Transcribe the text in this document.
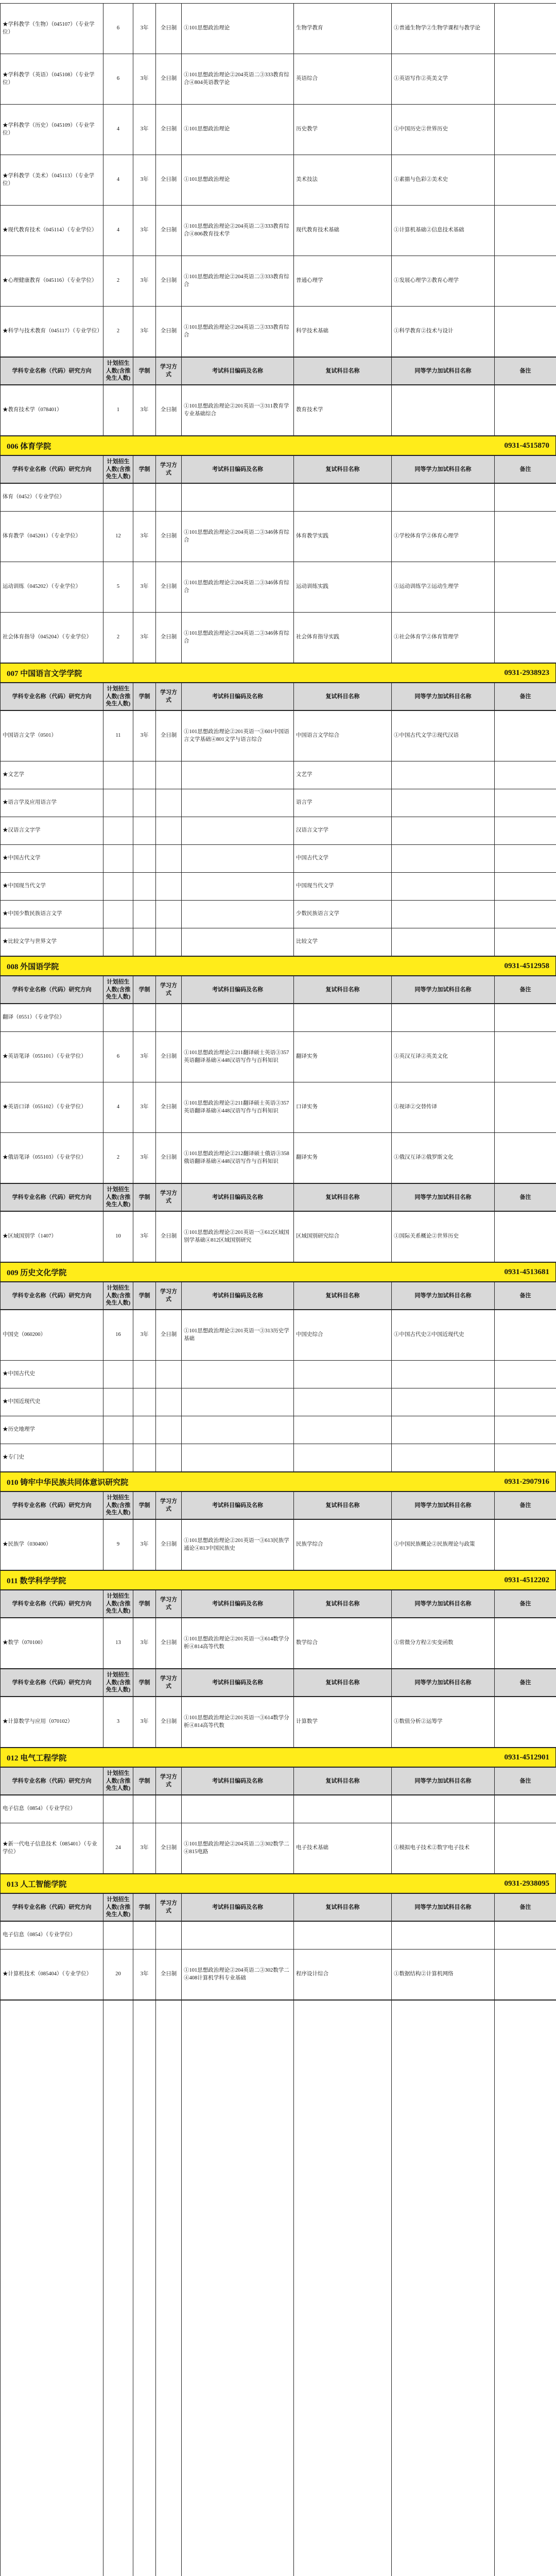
★学科教学（生物）（045107）（专业学位）	6	3年	全日制	①101思想政治理论	生物学教育	①普通生物学②生物学课程与教学论	
★学科教学（英语）（045108）（专业学位）	6	3年	全日制	①101思想政治理论②204英语二③333教育综合④804英语教学论	英语综合	①英语写作②英美文学	
★学科教学（历史）（045109）（专业学位）	4	3年	全日制	①101思想政治理论	历史教学	①中国历史②世界历史	
★学科教学（美术）（045113）（专业学位）	4	3年	全日制	①101思想政治理论	美术技法	①素描与色彩②美术史	
★现代教育技术（045114）（专业学位）	4	3年	全日制	①101思想政治理论②204英语二③333教育综合④806教育技术学	现代教育技术基础	①计算机基础②信息技术基础	
★心理健康教育（045116）（专业学位）	2	3年	全日制	①101思想政治理论②204英语二③333教育综合	普通心理学	①发展心理学②教育心理学	
★科学与技术教育（045117）（专业学位）	2	3年	全日制	①101思想政治理论②204英语二③333教育综合	科学技术基础	①科学教育②技术与设计	
学科专业名称（代码）研究方向	计划招生人数(含推免生人数)	学制	学习方式	考试科目编码及名称	复试科目名称	同等学力加试科目名称	备注
★教育技术学（078401）	1	3年	全日制	①101思想政治理论②201英语一③311教育学专业基础综合	教育技术学		
006 体育学院	0931-4515870
学科专业名称（代码）研究方向	计划招生人数(含推免生人数)	学制	学习方式	考试科目编码及名称	复试科目名称	同等学力加试科目名称	备注
体育（0452）（专业学位）							
体育教学（045201）（专业学位）	12	3年	全日制	①101思想政治理论②204英语二③346体育综合	体育教学实践	①学校体育学②体育心理学	
运动训练（045202）（专业学位）	5	3年	全日制	①101思想政治理论②204英语二③346体育综合	运动训练实践	①运动训练学②运动生理学	
社会体育指导（045204）（专业学位）	2	3年	全日制	①101思想政治理论②204英语二③346体育综合	社会体育指导实践	①社会体育学②体育管理学	
007 中国语言文学学院	0931-2938923
学科专业名称（代码）研究方向	计划招生人数(含推免生人数)	学制	学习方式	考试科目编码及名称	复试科目名称	同等学力加试科目名称	备注
中国语言文学（0501）	11	3年	全日制	①101思想政治理论②201英语一③601中国语言文学基础④801文学与语言综合	中国语言文学综合	①中国古代文学②现代汉语	
★文艺学					文艺学		
★语言学及应用语言学					语言学		
★汉语言文字学					汉语言文字学		
★中国古代文学					中国古代文学		
★中国现当代文学					中国现当代文学		
★中国少数民族语言文学					少数民族语言文学		
★比较文学与世界文学					比较文学		
008 外国语学院	0931-4512958
学科专业名称（代码）研究方向	计划招生人数(含推免生人数)	学制	学习方式	考试科目编码及名称	复试科目名称	同等学力加试科目名称	备注
翻译（0551）（专业学位）							
★英语笔译（055101）（专业学位）	6	3年	全日制	①101思想政治理论②211翻译硕士英语③357英语翻译基础④448汉语写作与百科知识	翻译实务	①英汉互译②英美文化	
★英语口译（055102）（专业学位）	4	3年	全日制	①101思想政治理论②211翻译硕士英语③357英语翻译基础④448汉语写作与百科知识	口译实务	①视译②交替传译	
★俄语笔译（055103）（专业学位）	2	3年	全日制	①101思想政治理论②212翻译硕士俄语③358俄语翻译基础④448汉语写作与百科知识	翻译实务	①俄汉互译②俄罗斯文化	
学科专业名称（代码）研究方向	计划招生人数(含推免生人数)	学制	学习方式	考试科目编码及名称	复试科目名称	同等学力加试科目名称	备注
★区域国别学（1407）	10	3年	全日制	①101思想政治理论②201英语一③612区域国别学基础④812区域国别研究	区域国别研究综合	①国际关系概论②世界历史	
009 历史文化学院	0931-4513681
学科专业名称（代码）研究方向	计划招生人数(含推免生人数)	学制	学习方式	考试科目编码及名称	复试科目名称	同等学力加试科目名称	备注
中国史（060200）	16	3年	全日制	①101思想政治理论②201英语一③313历史学基础	中国史综合	①中国古代史②中国近现代史	
★中国古代史							
★中国近现代史							
★历史地理学							
★专门史							
010 铸牢中华民族共同体意识研究院	0931-2907916
学科专业名称（代码）研究方向	计划招生人数(含推免生人数)	学制	学习方式	考试科目编码及名称	复试科目名称	同等学力加试科目名称	备注
★民族学（030400）	9	3年	全日制	①101思想政治理论②201英语一③613民族学通论④813中国民族史	民族学综合	①中国民族概论②民族理论与政策	
011 数学科学学院	0931-4512202
学科专业名称（代码）研究方向	计划招生人数(含推免生人数)	学制	学习方式	考试科目编码及名称	复试科目名称	同等学力加试科目名称	备注
★数学（070100）	13	3年	全日制	①101思想政治理论②201英语一③614数学分析④814高等代数	数学综合	①常微分方程②实变函数	
学科专业名称（代码）研究方向	计划招生人数(含推免生人数)	学制	学习方式	考试科目编码及名称	复试科目名称	同等学力加试科目名称	备注
★计算数学与应用（070102）	3	3年	全日制	①101思想政治理论②201英语一③614数学分析④814高等代数	计算数学	①数值分析②运筹学	
012 电气工程学院	0931-4512901
学科专业名称（代码）研究方向	计划招生人数(含推免生人数)	学制	学习方式	考试科目编码及名称	复试科目名称	同等学力加试科目名称	备注
电子信息（0854）（专业学位）							
★新一代电子信息技术（085401）（专业学位）	24	3年	全日制	①101思想政治理论②204英语二③302数学二④815电路	电子技术基础	①模拟电子技术②数字电子技术	
013 人工智能学院	0931-2938095
学科专业名称（代码）研究方向	计划招生人数(含推免生人数)	学制	学习方式	考试科目编码及名称	复试科目名称	同等学力加试科目名称	备注
电子信息（0854）（专业学位）							
★计算机技术（085404）（专业学位）	20	3年	全日制	①101思想政治理论②204英语二③302数学二④408计算机学科专业基础	程序设计综合	①数据结构②计算机网络	
